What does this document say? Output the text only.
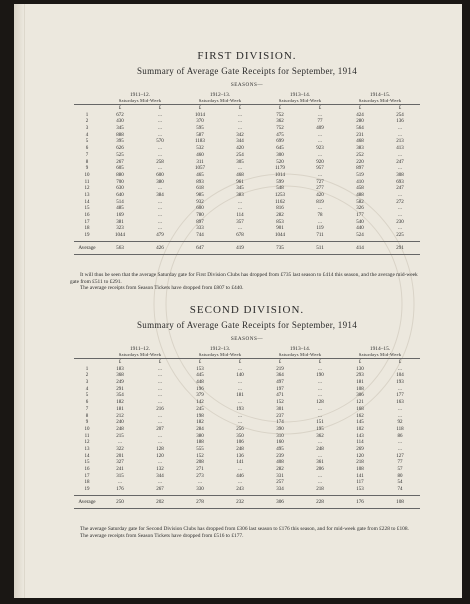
FIRST DIVISION.
Summary of Average Gate Receipts for September, 1914
SEASONS—
1911–12.
Saturdays Mid-Week
1912–13.
Saturdays Mid-Week
1913–14.
Saturdays Mid-Week
1914–15.
Saturdays Mid-Week
£	£	£	£	£	£	£	£
1	672	...	1014	...	752	...	424	254
2	430	...	370	...	362	77	280	136
3	345	...	595	...	752	409	564	...
4	888	...	587	342	475	...	231	...
5	395	570	1183	344	699	...	468	213
6	626	...	532	420	645	923	383	413
7	525	...	460	254	300	...	252	...
8	267	258	311	305	520	920	220	247
9	605	...	1057	...	1179	957	897	...
10	880	600	465	468	1014	...	519	308
11	700	380	893	961	599	727	410	693
12	630	...	618	345	548	277	458	247
13	640	384	985	383	1253	420	488	...
14	514	...	932	...	1162	819	582	272
15	485	...	600	...	816	...	326	...
16	169	...	780	114	282	78	177	...
17	381	...	897	357	853	...	540	230
18	323	...	333	...	901	119	440	...
19	1044	479	744	678	1044	711	524	225
Average	563	426	647	419	735	511	414	291

It will thus be seen that the average Saturday gate for First Division Clubs has dropped from £735 last season to £414 this season, and the average mid-week gate from £511 to £291.

The average receipts from Season Tickets have dropped from £807 to £440.

SECOND DIVISION.
Summary of Average Gate Receipts for September, 1914
SEASONS—
1911–12.
Saturdays Mid-Week
1912–13.
Saturdays Mid-Week
1913–14.
Saturdays Mid-Week
1914–15.
Saturdays Mid-Week
£	£	£	£	£	£	£	£
1	183	...	153	...	219	...	130	...
2	368	...	445	140	364	190	293	104
3	249	...	448	...	497	...	181	193
4	291	...	196	...	197	...	108	...
5	354	...	379	181	471	...	306	177
6	182	...	142	...	152	128	121	163
7	181	216	245	193	301	...	168	...
8	212	...	198	...	237	...	162	...
9	240	...	182	...	174	151	145	92
10	248	207	284	256	390	195	102	118
11	215	...	380	350	310	362	143	86
12	...	...	188	106	160	...	114	...
13	322	128	555	248	495	248	269	...
14	201	120	152	136	239	...	120	127
15	327	...	208	141	408	361	218	77
16	241	132	271	...	282	206	108	57
17	315	344	273	446	331	...	141	80
18	...	...	...	...	257	...	117	54
19	176	267	330	243	334	218	153	74
Average	250	202	278	232	306	228	176	108

The average Saturday gate for Second Division Clubs has dropped from £306 last season to £176 this season, and for mid-week gate from £228 to £108.

The average receipts from Season Tickets have dropped from £516 to £177.
